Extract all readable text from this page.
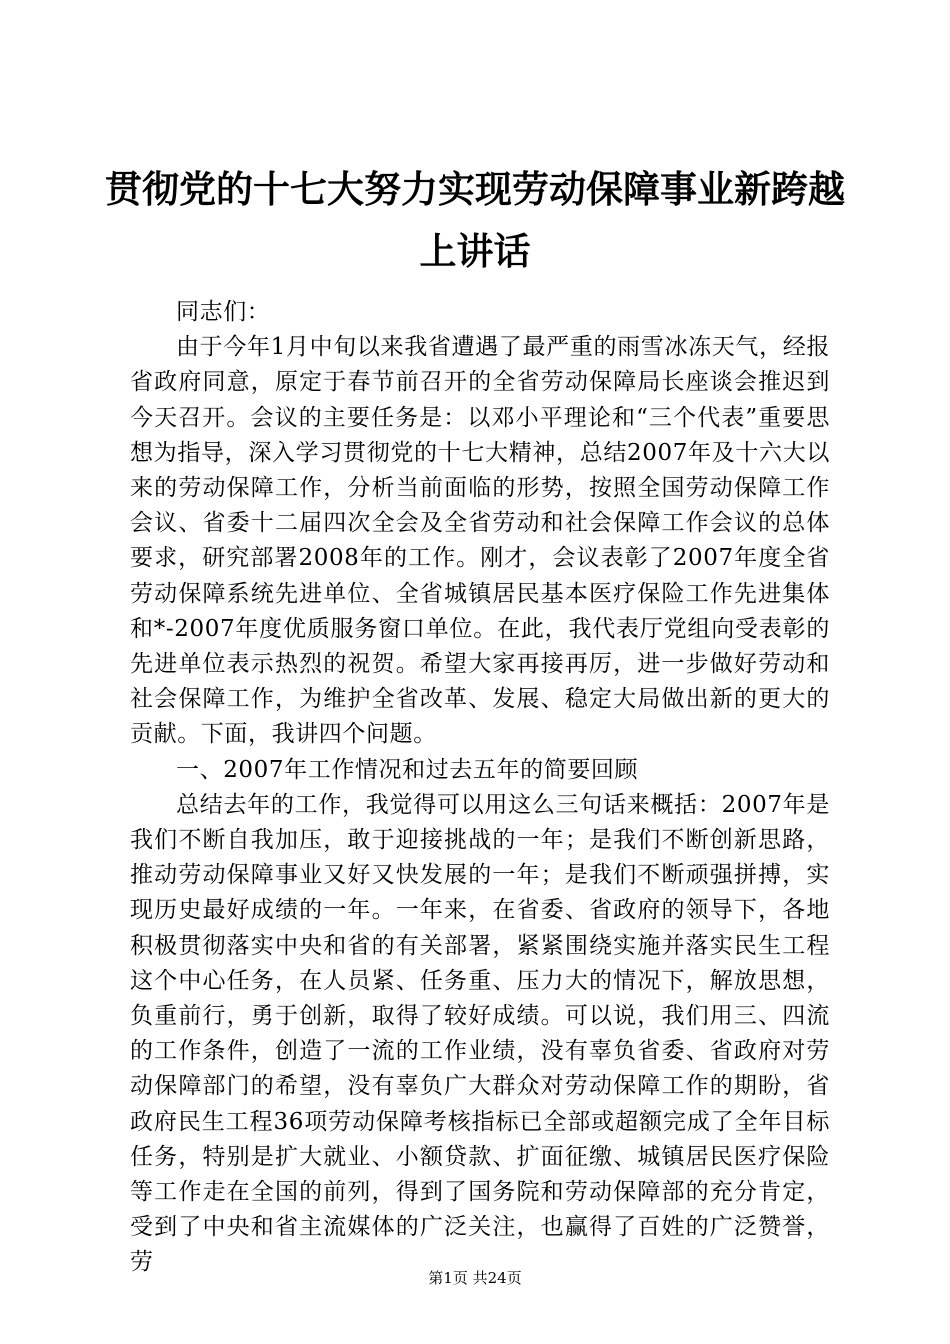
贯彻党的十七大努力实现劳动保障事业新跨越
上讲话

同志们：

由于今年1月中旬以来我省遭遇了最严重的雨雪冰冻天气，经报省政府同意，原定于春节前召开的全省劳动保障局长座谈会推迟到今天召开。会议的主要任务是：以邓小平理论和“三个代表”重要思想为指导，深入学习贯彻党的十七大精神，总结2007年及十六大以来的劳动保障工作，分析当前面临的形势，按照全国劳动保障工作会议、省委十二届四次全会及全省劳动和社会保障工作会议的总体要求，研究部署2008年的工作。刚才，会议表彰了2007年度全省劳动保障系统先进单位、全省城镇居民基本医疗保险工作先进集体和*-2007年度优质服务窗口单位。在此，我代表厅党组向受表彰的先进单位表示热烈的祝贺。希望大家再接再厉，进一步做好劳动和社会保障工作，为维护全省改革、发展、稳定大局做出新的更大的贡献。下面，我讲四个问题。

一、2007年工作情况和过去五年的简要回顾

总结去年的工作，我觉得可以用这么三句话来概括：2007年是我们不断自我加压，敢于迎接挑战的一年；是我们不断创新思路，推动劳动保障事业又好又快发展的一年；是我们不断顽强拼搏，实现历史最好成绩的一年。一年来，在省委、省政府的领导下，各地积极贯彻落实中央和省的有关部署，紧紧围绕实施并落实民生工程这个中心任务，在人员紧、任务重、压力大的情况下，解放思想，负重前行，勇于创新，取得了较好成绩。可以说，我们用三、四流的工作条件，创造了一流的工作业绩，没有辜负省委、省政府对劳动保障部门的希望，没有辜负广大群众对劳动保障工作的期盼，省政府民生工程36项劳动保障考核指标已全部或超额完成了全年目标任务，特别是扩大就业、小额贷款、扩面征缴、城镇居民医疗保险等工作走在全国的前列，得到了国务院和劳动保障部的充分肯定，受到了中央和省主流媒体的广泛关注，也赢得了百姓的广泛赞誉，劳

第1页 共24页
